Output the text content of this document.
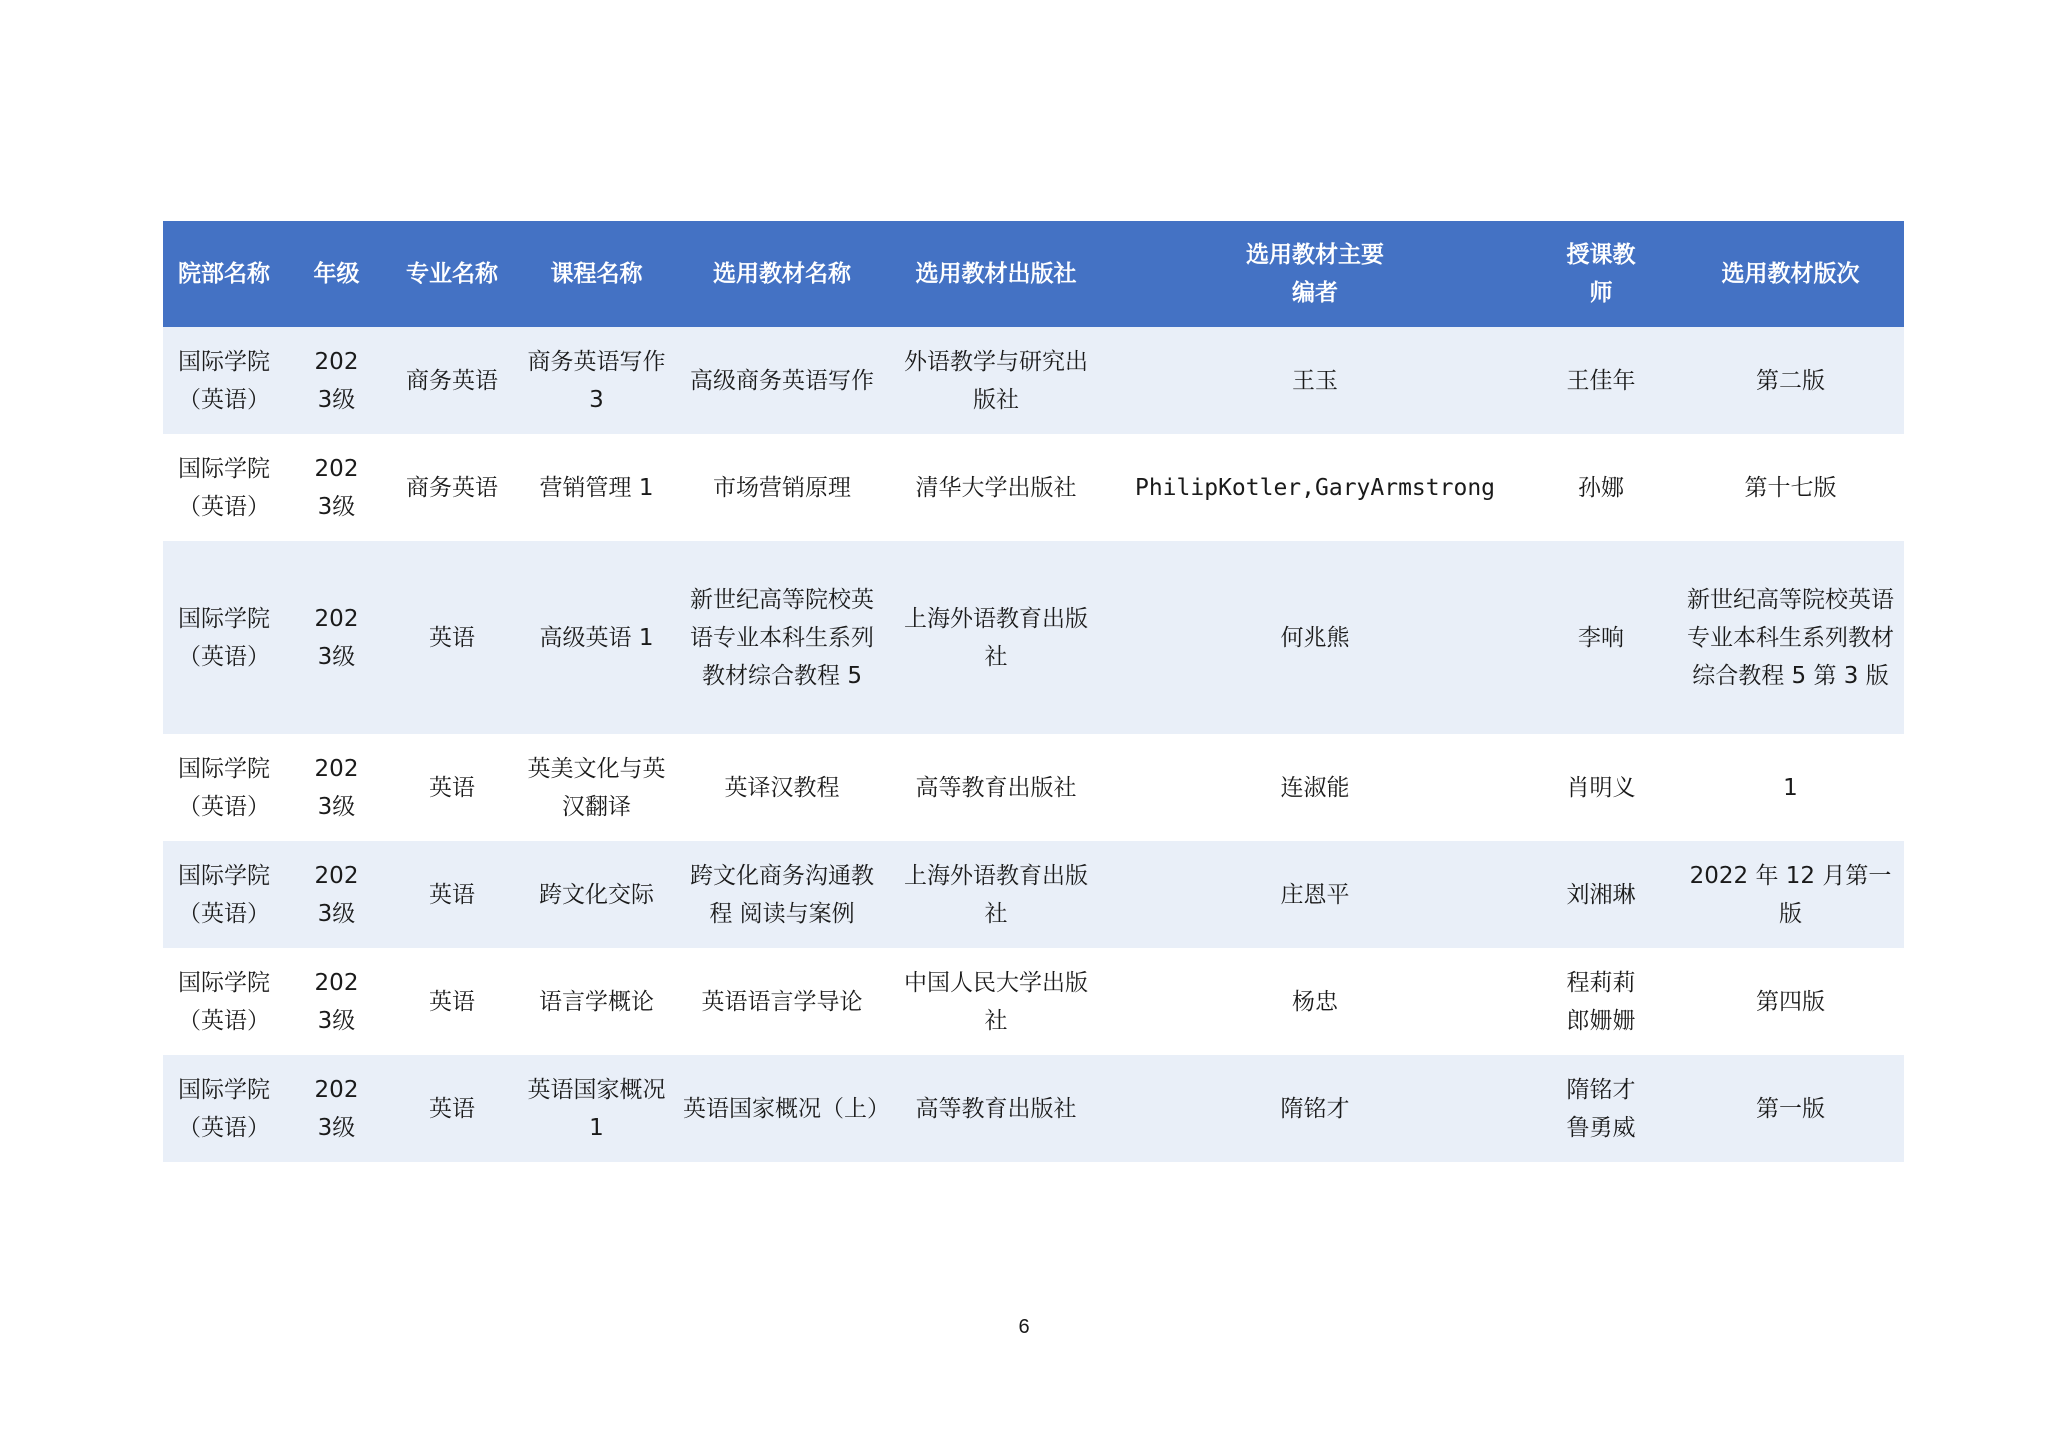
院部名称	年级	专业名称	课程名称	选用教材名称	选用教材出版社	选用教材主要编者	授课教师	选用教材版次
国际学院（英语）	2023级	商务英语	商务英语写作3	高级商务英语写作	外语教学与研究出版社	王玉	王佳年	第二版
国际学院（英语）	2023级	商务英语	营销管理 1	市场营销原理	清华大学出版社	PhilipKotler,GaryArmstrong	孙娜	第十七版
国际学院（英语）	2023级	英语	高级英语 1	新世纪高等院校英语专业本科生系列教材综合教程 5	上海外语教育出版社	何兆熊	李响	新世纪高等院校英语专业本科生系列教材综合教程 5 第 3 版
国际学院（英语）	2023级	英语	英美文化与英汉翻译	英译汉教程	高等教育出版社	连淑能	肖明义	1
国际学院（英语）	2023级	英语	跨文化交际	跨文化商务沟通教程 阅读与案例	上海外语教育出版社	庄恩平	刘湘琳	2022 年 12 月第一版
国际学院（英语）	2023级	英语	语言学概论	英语语言学导论	中国人民大学出版社	杨忠	程莉莉郎姗姗	第四版
国际学院（英语）	2023级	英语	英语国家概况1	英语国家概况（上）	高等教育出版社	隋铭才	隋铭才鲁勇威	第一版
6
